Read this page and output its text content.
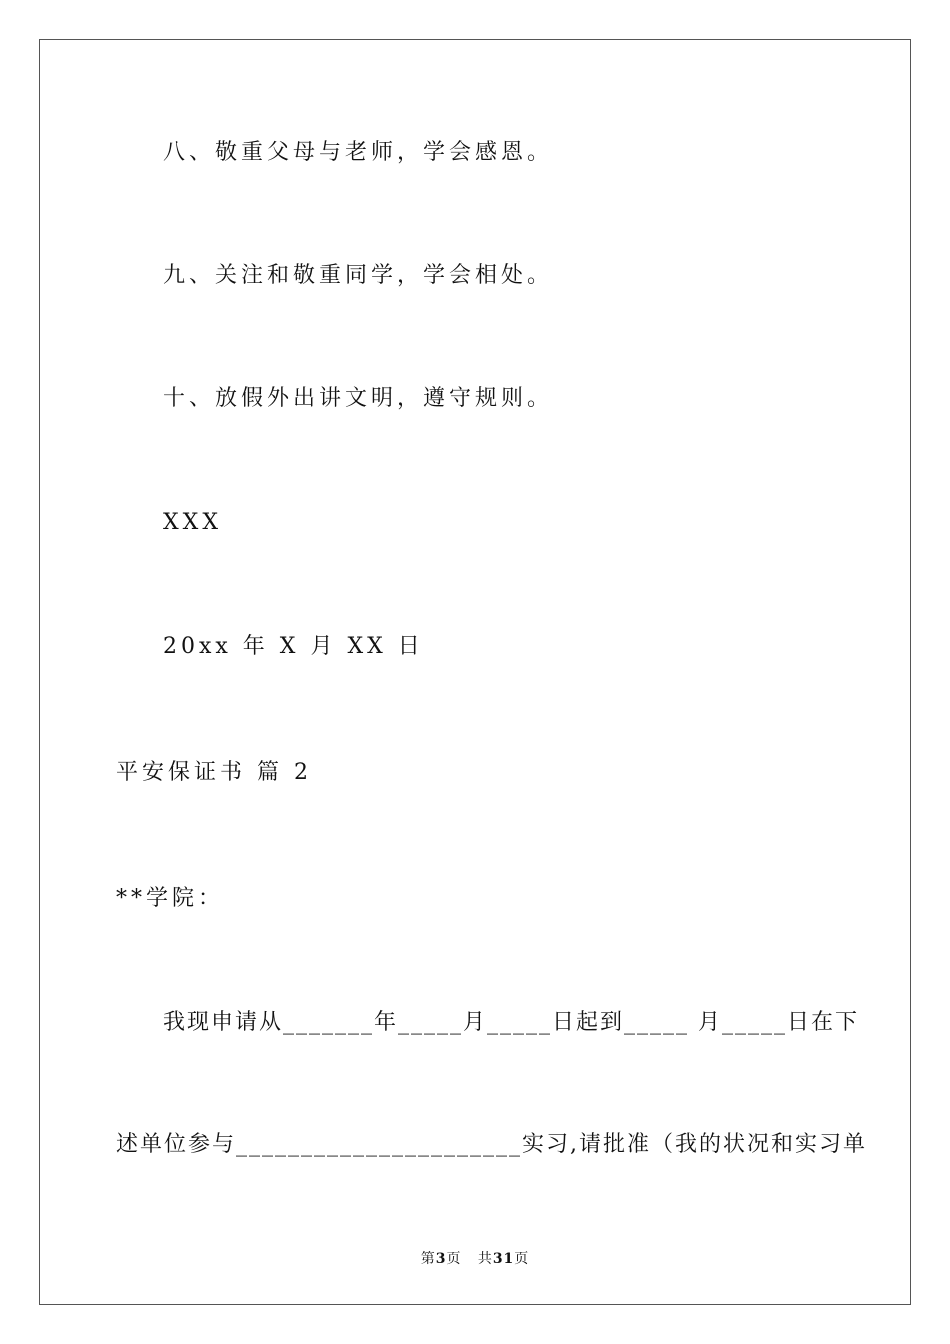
八、敬重父母与老师，学会感恩。
九、关注和敬重同学，学会相处。
十、放假外出讲文明，遵守规则。
XXX
20xx 年 X 月 XX 日
平安保证书 篇 2
**学院：
我现申请从_______年_____月_____日起到_____ 月_____日在下
述单位参与______________________实习,请批准（我的状况和实习单
第3页 共31页
